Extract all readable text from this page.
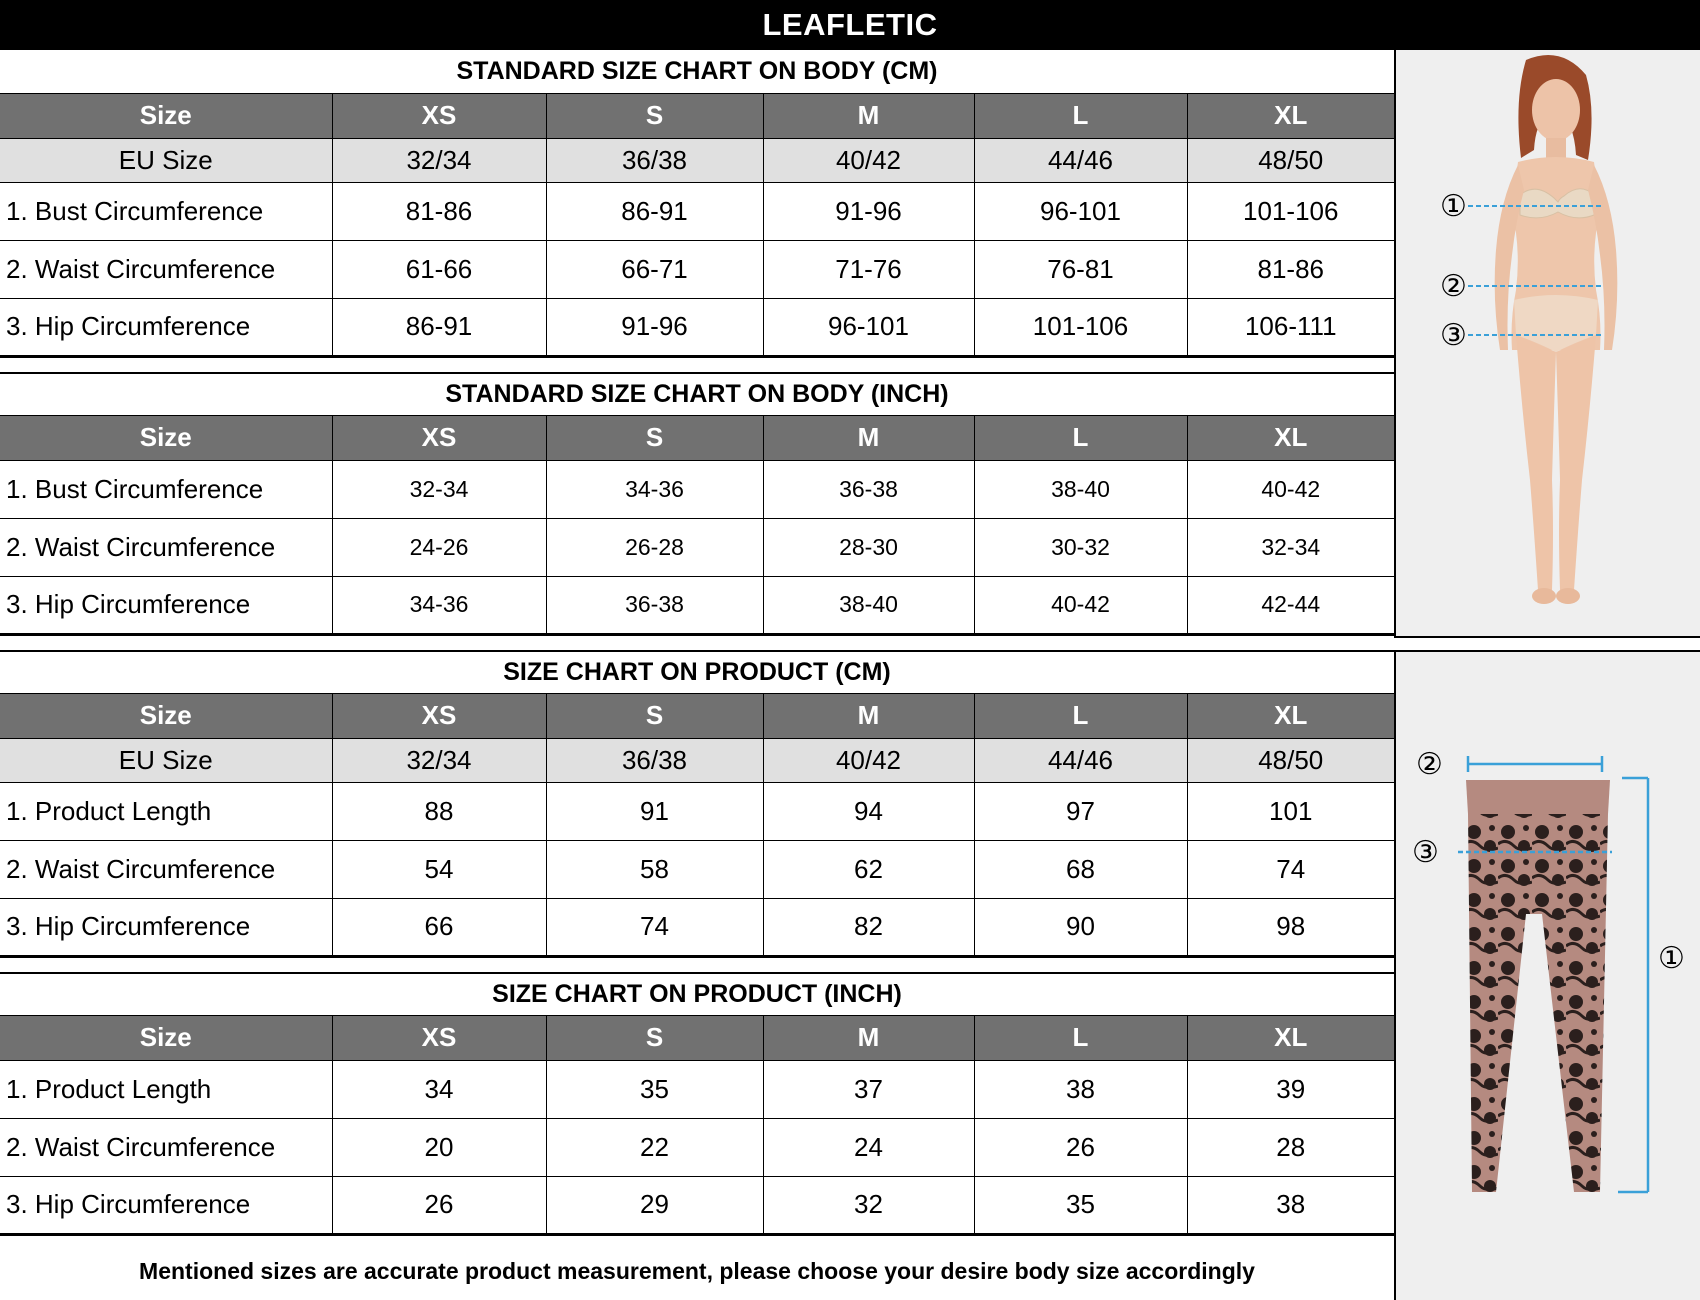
LEAFLETIC
STANDARD SIZE CHART ON BODY (CM)
Size	XS	S	M	L	XL
EU Size	32/34	36/38	40/42	44/46	48/50
1. Bust Circumference	81-86	86-91	91-96	96-101	101-106
2. Waist Circumference	61-66	66-71	71-76	76-81	81-86
3. Hip Circumference	86-91	91-96	96-101	101-106	106-111
STANDARD SIZE CHART ON BODY (INCH)
Size	XS	S	M	L	XL
1. Bust Circumference	32-34	34-36	36-38	38-40	40-42
2. Waist Circumference	24-26	26-28	28-30	30-32	32-34
3. Hip Circumference	34-36	36-38	38-40	40-42	42-44
SIZE CHART ON PRODUCT (CM)
Size	XS	S	M	L	XL
EU Size	32/34	36/38	40/42	44/46	48/50
1. Product Length	88	91	94	97	101
2. Waist Circumference	54	58	62	68	74
3. Hip Circumference	66	74	82	90	98
SIZE CHART ON PRODUCT (INCH)
Size	XS	S	M	L	XL
1. Product Length	34	35	37	38	39
2. Waist Circumference	20	22	24	26	28
3. Hip Circumference	26	29	32	35	38
Mentioned sizes are accurate product measurement, please choose your desire body size accordingly
①
②
③
②
③
①
